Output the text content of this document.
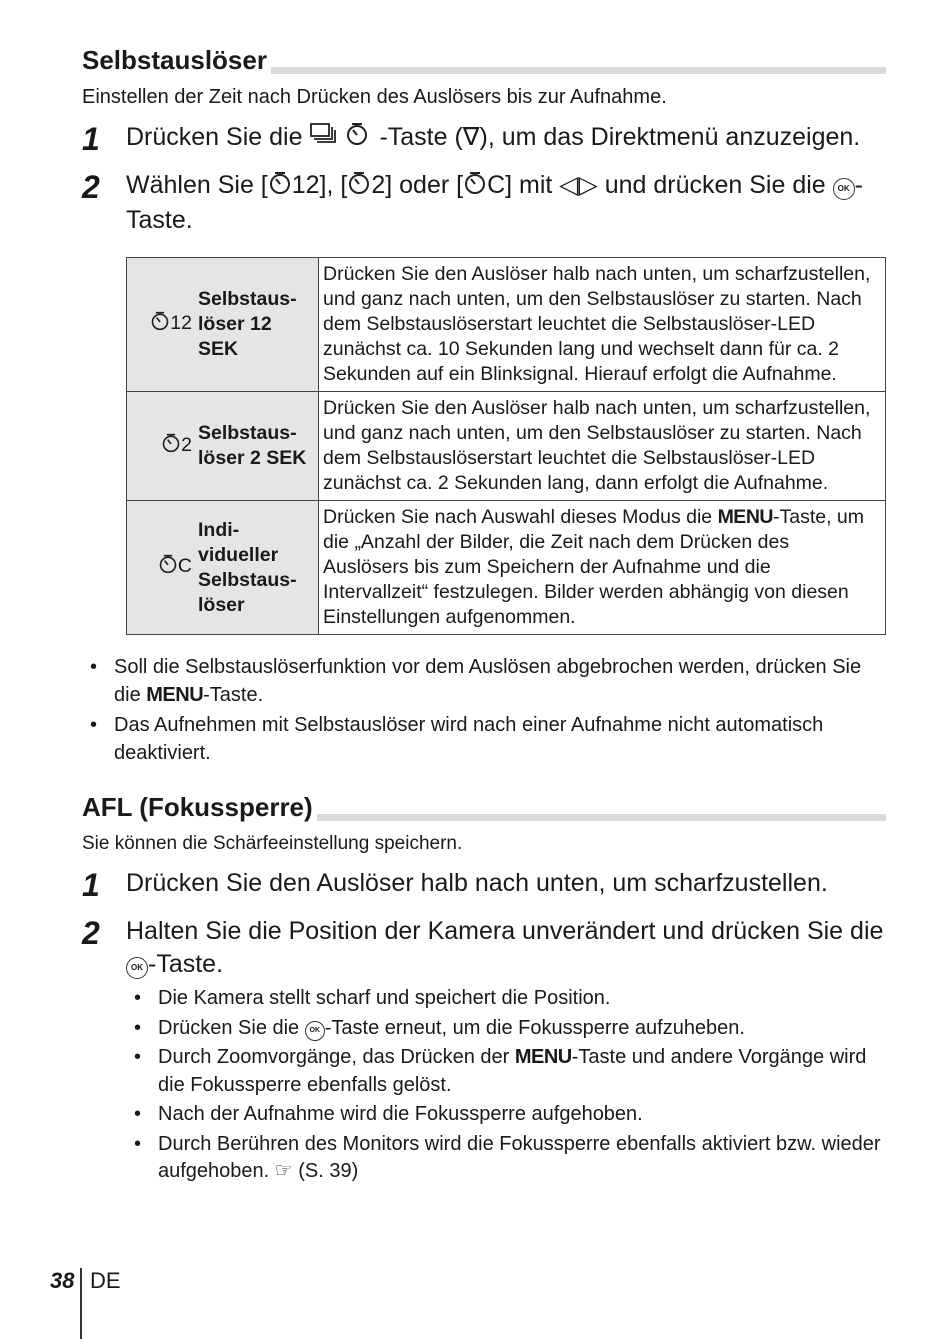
Selbstauslöser

Einstellen der Zeit nach Drücken des Auslösers bis zur Aufnahme.

1	Drücken Sie die	-Taste (∇), um das Direktmenü anzuzeigen.
2	Wählen Sie [ 12], [ 2] oder [ C] mit ◁▷ und drücken Sie die OK -Taste.
12	Selbstaus- löser 12 SEK	Drücken Sie den Auslöser halb nach unten, um scharfzustellen, und ganz nach unten, um den Selbstauslöser zu starten. Nach dem Selbstauslöserstart leuchtet die Selbstauslöser-LED zunächst ca. 10 Sekunden lang und wechselt dann für ca. 2 Sekunden auf ein Blinksignal. Hierauf erfolgt die Aufnahme.
2	Selbstaus- löser 2 SEK	Drücken Sie den Auslöser halb nach unten, um scharfzustellen, und ganz nach unten, um den Selbstauslöser zu starten. Nach dem Selbstauslöserstart leuchtet die Selbstauslöser-LED zunächst ca. 2 Sekunden lang, dann erfolgt die Aufnahme.
C	Indi- vidueller Selbstaus- löser	Drücken Sie nach Auswahl dieses Modus die MENU-Taste, um die „Anzahl der Bilder, die Zeit nach dem Drücken des Auslösers bis zum Speichern der Aufnahme und die Intervallzeit“ festzulegen. Bilder werden abhängig von diesen Einstellungen aufgenommen.
• Soll die Selbstauslöserfunktion vor dem Auslösen abgebrochen werden, drücken Sie die MENU-Taste.
• Das Aufnehmen mit Selbstauslöser wird nach einer Aufnahme nicht automatisch deaktiviert.
AFL (Fokussperre)

Sie können die Schärfeeinstellung speichern.

1	Drücken Sie den Auslöser halb nach unten, um scharfzustellen.
2	Halten Sie die Position der Kamera unverändert und drücken Sie die OK -Taste.
• Die Kamera stellt scharf und speichert die Position.
• Drücken Sie die OK -Taste erneut, um die Fokussperre aufzuheben.
• Durch Zoomvorgänge, das Drücken der MENU-Taste und andere Vorgänge wird die Fokussperre ebenfalls gelöst.
• Nach der Aufnahme wird die Fokussperre aufgehoben.
• Durch Berühren des Monitors wird die Fokussperre ebenfalls aktiviert bzw. wieder aufgehoben. ☞ (S. 39)
38 DE
